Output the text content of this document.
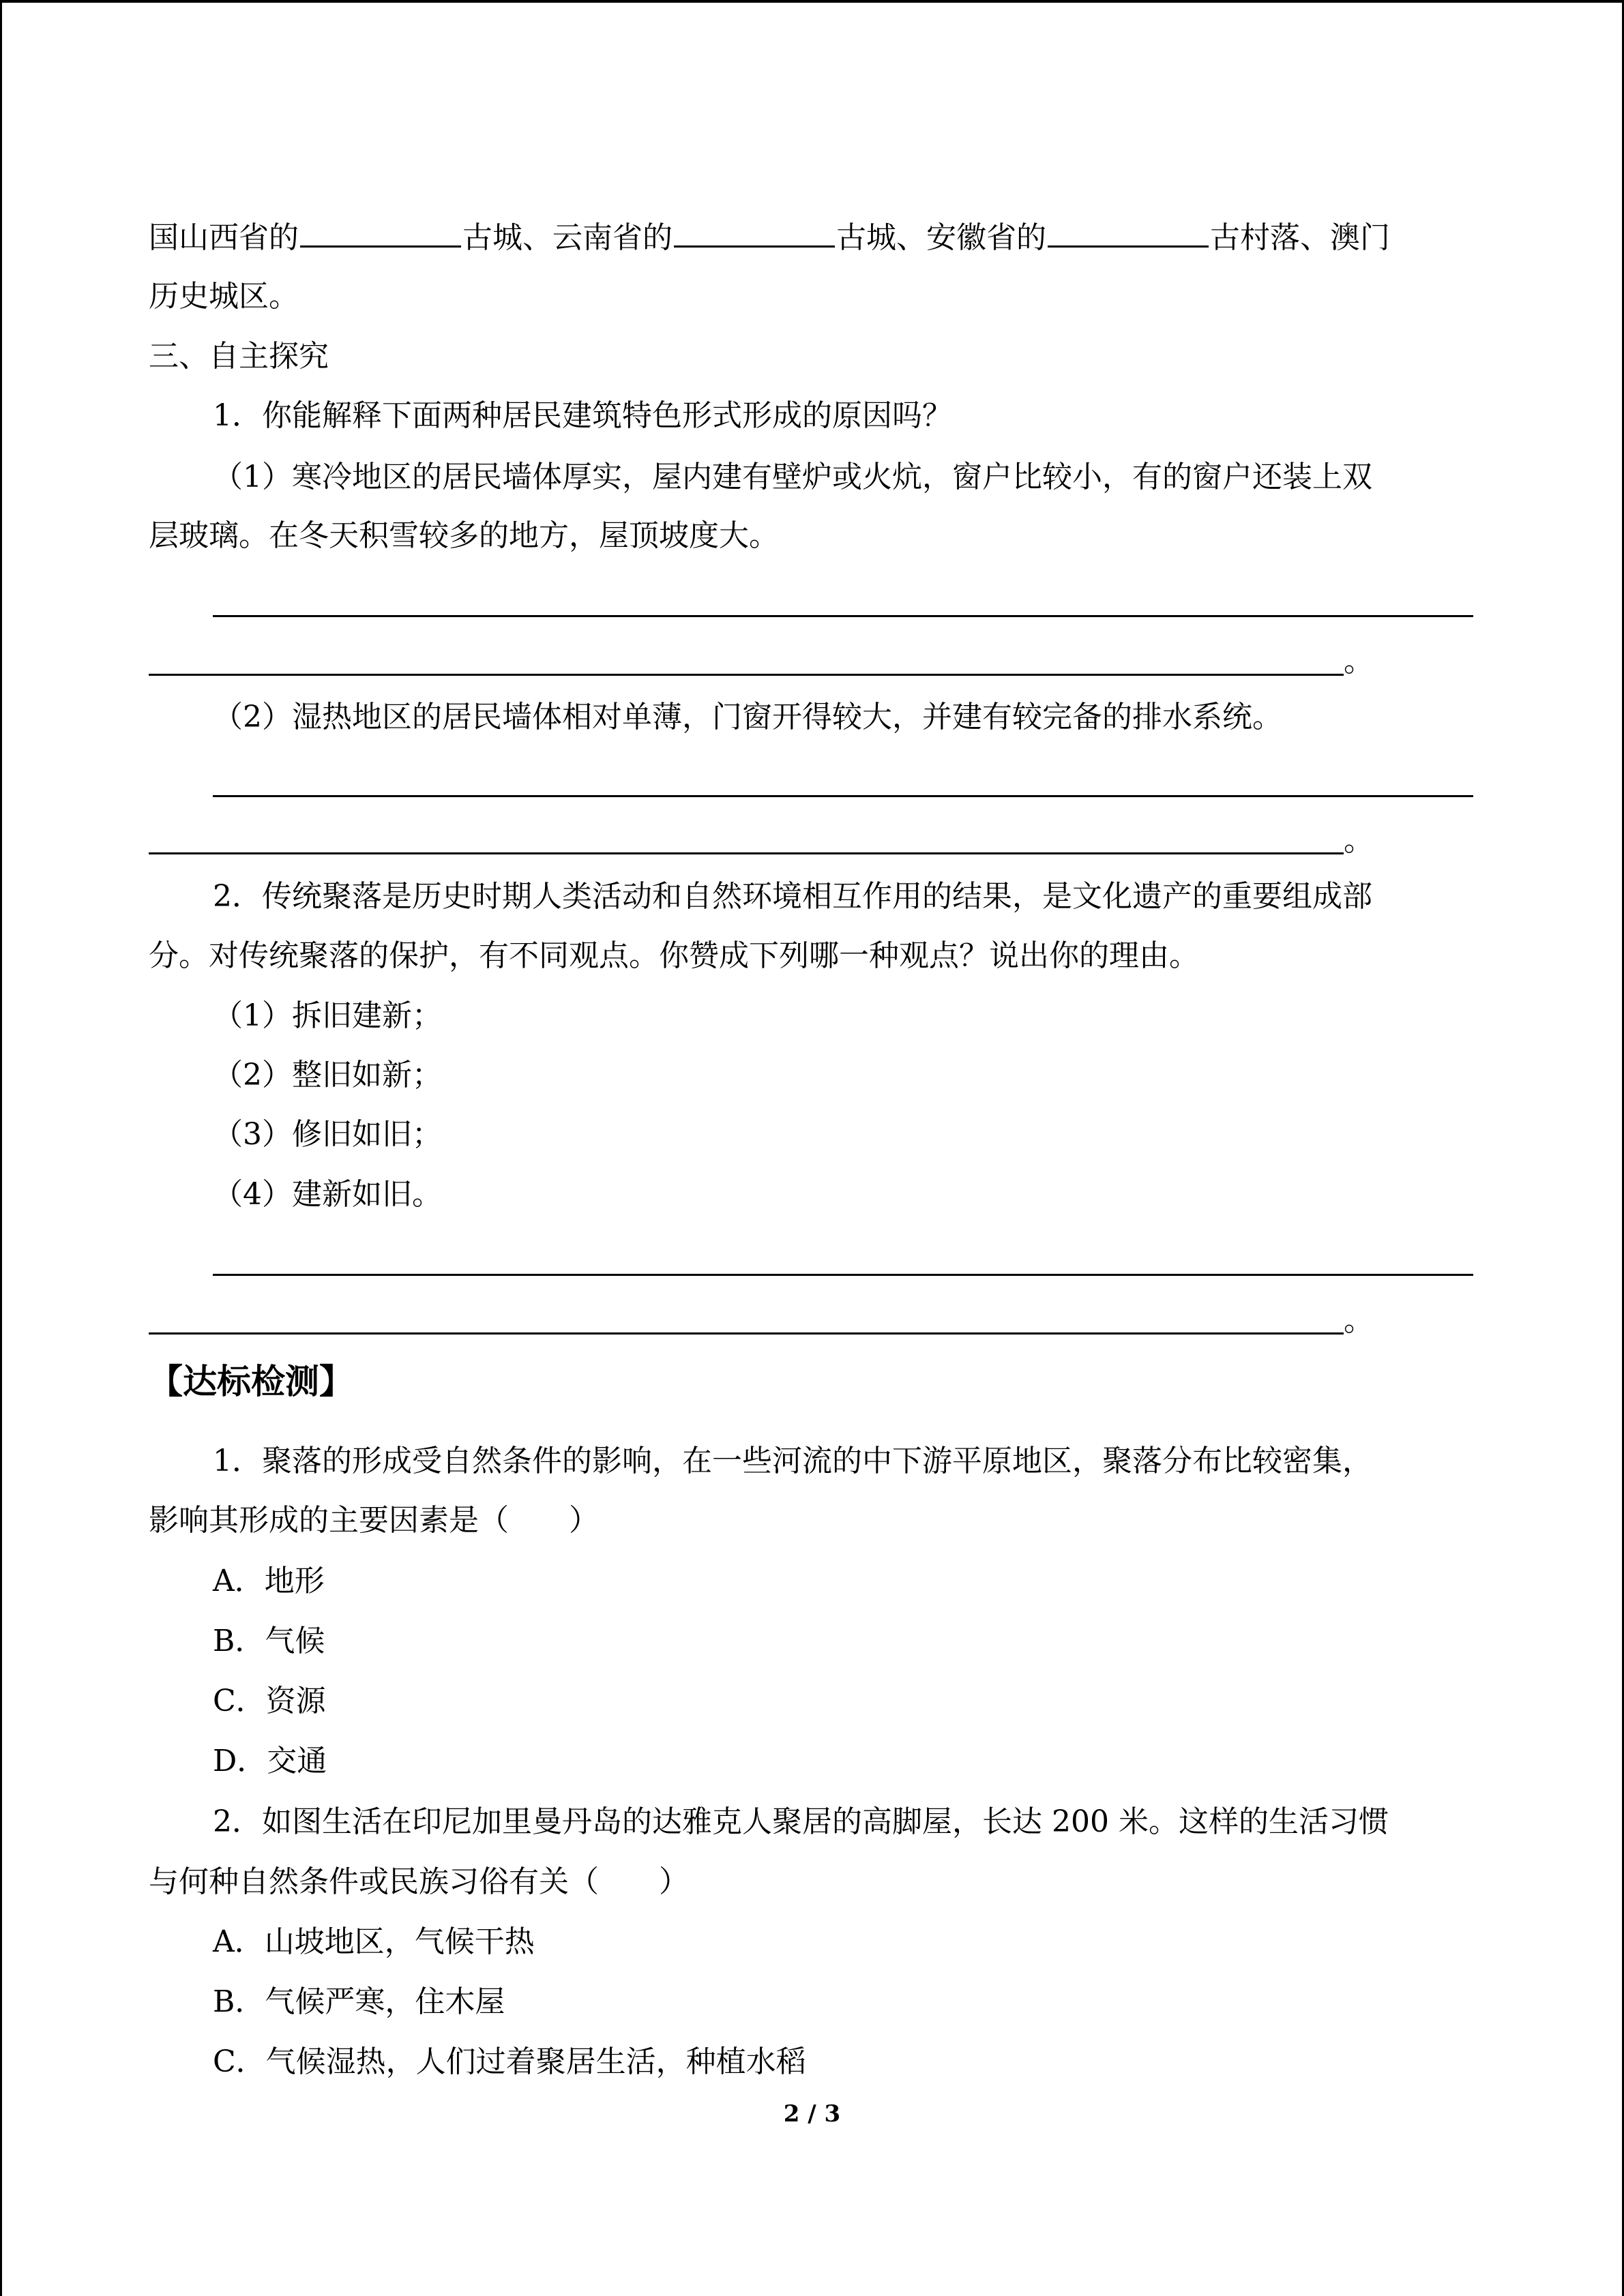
国山西省的	古城、云南省的	古城、安徽省的	古村落、澳门
历史城区。
三、自主探究
1．你能解释下面两种居民建筑特色形式形成的原因吗？
（1）寒冷地区的居民墙体厚实，屋内建有壁炉或火炕，窗户比较小，有的窗户还装上双
层玻璃。在冬天积雪较多的地方，屋顶坡度大。
。
（2）湿热地区的居民墙体相对单薄，门窗开得较大，并建有较完备的排水系统。
。
2．传统聚落是历史时期人类活动和自然环境相互作用的结果，是文化遗产的重要组成部
分。对传统聚落的保护，有不同观点。你赞成下列哪一种观点？说出你的理由。
（1）拆旧建新；
（2）整旧如新；
（3）修旧如旧；
（4）建新如旧。
。
【达标检测】
1．聚落的形成受自然条件的影响，在一些河流的中下游平原地区，聚落分布比较密集，
影响其形成的主要因素是（　　）
A．地形
B．气候
C．资源
D．交通
2．如图生活在印尼加里曼丹岛的达雅克人聚居的高脚屋，长达 200 米。这样的生活习惯
与何种自然条件或民族习俗有关（　　）
A．山坡地区，气候干热
B．气候严寒，住木屋
C．气候湿热，人们过着聚居生活，种植水稻
2 / 3
